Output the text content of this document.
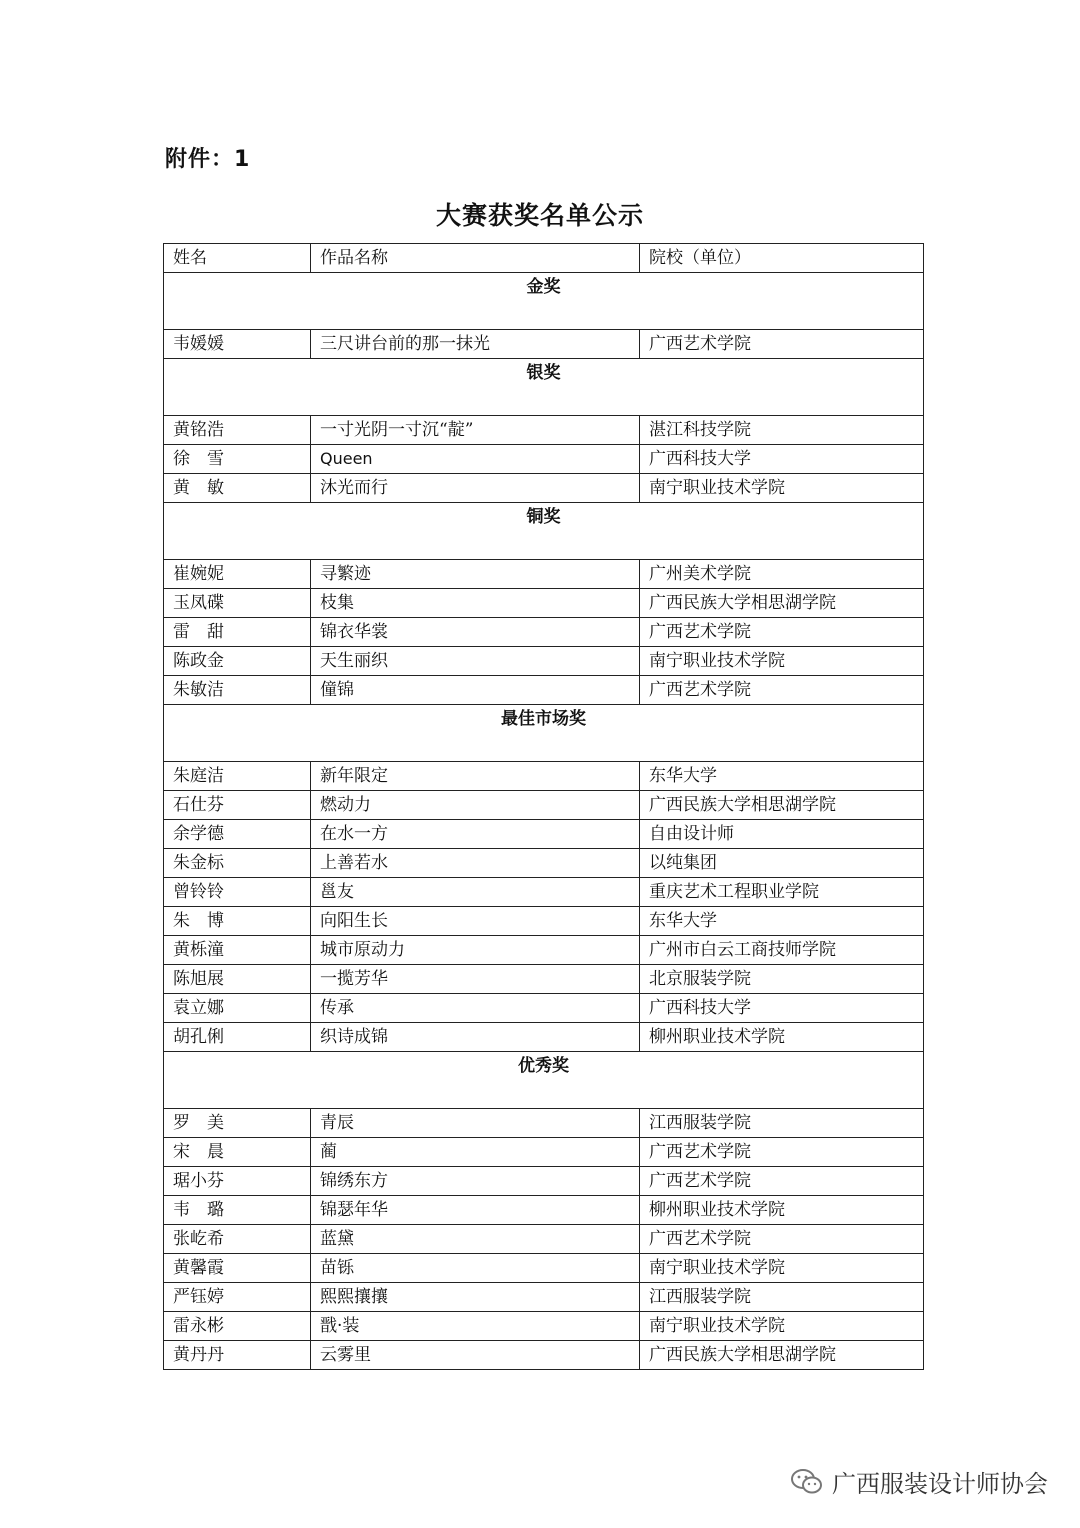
附件：1
大赛获奖名单公示
姓名	作品名称	院校（单位）
金奖		
韦媛媛	三尺讲台前的那一抹光	广西艺术学院
银奖		
黄铭浩	一寸光阴一寸沉“靛”	湛江科技学院
徐　雪	Queen	广西科技大学
黄　敏	沐光而行	南宁职业技术学院
铜奖		
崔婉妮	寻繁迹	广州美术学院
玉凤碟	枝集	广西民族大学相思湖学院
雷　甜	锦衣华裳	广西艺术学院
陈政金	天生丽织	南宁职业技术学院
朱敏洁	僮锦	广西艺术学院
最佳市场奖		
朱庭洁	新年限定	东华大学
石仕芬	燃动力	广西民族大学相思湖学院
余学德	在水一方	自由设计师
朱金标	上善若水	以纯集团
曾铃铃	邕友	重庆艺术工程职业学院
朱　博	向阳生长	东华大学
黄栎潼	城市原动力	广州市白云工商技师学院
陈旭展	一揽芳华	北京服装学院
袁立娜	传承	广西科技大学
胡孔俐	织诗成锦	柳州职业技术学院
优秀奖		
罗　美	青辰	江西服装学院
宋　晨	蔺	广西艺术学院
琚小芬	锦绣东方	广西艺术学院
韦　璐	锦瑟年华	柳州职业技术学院
张屹希	蓝黛	广西艺术学院
黄馨霞	苗铄	南宁职业技术学院
严钰婷	熙熙攘攘	江西服装学院
雷永彬	戬·装	南宁职业技术学院
黄丹丹	云雾里	广西民族大学相思湖学院
广西服装设计师协会
